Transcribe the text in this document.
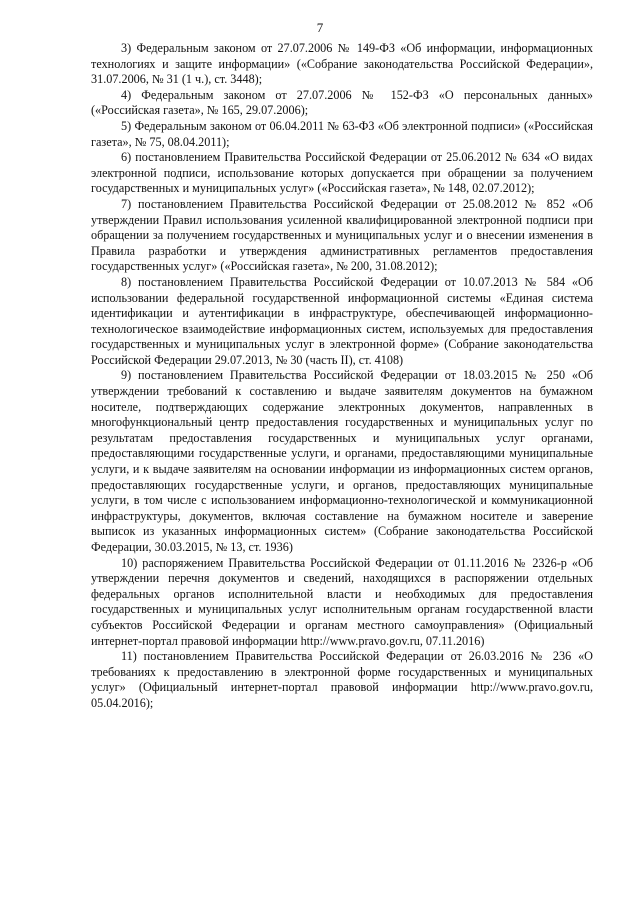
7

3) Федеральным законом от 27.07.2006 № 149-ФЗ «Об информации, информационных технологиях и защите информации» («Собрание законодательства Российской Федерации», 31.07.2006, № 31 (1 ч.), ст. 3448);

4) Федеральным законом от 27.07.2006 № 152-ФЗ «О персональных данных» («Российская газета», № 165, 29.07.2006);

5) Федеральным законом от 06.04.2011 № 63-ФЗ «Об электронной подписи» («Российская газета», № 75, 08.04.2011);

6) постановлением Правительства Российской Федерации от 25.06.2012 № 634 «О видах электронной подписи, использование которых допускается при обращении за получением государственных и муниципальных услуг» («Российская газета», № 148, 02.07.2012);

7) постановлением Правительства Российской Федерации от 25.08.2012 № 852 «Об утверждении Правил использования усиленной квалифицированной электронной подписи при обращении за получением государственных и муниципальных услуг и о внесении изменения в Правила разработки и утверждения административных регламентов предоставления государственных услуг» («Российская газета», № 200, 31.08.2012);

8) постановлением Правительства Российской Федерации от 10.07.2013 № 584 «Об использовании федеральной государственной информационной системы «Единая система идентификации и аутентификации в инфраструктуре, обеспечивающей информационно-технологическое взаимодействие информационных систем, используемых для предоставления государственных и муниципальных услуг в электронной форме» (Собрание законодательства Российской Федерации 29.07.2013, № 30 (часть II), ст. 4108)

9) постановлением Правительства Российской Федерации от 18.03.2015 № 250 «Об утверждении требований к составлению и выдаче заявителям документов на бумажном носителе, подтверждающих содержание электронных документов, направленных в многофункциональный центр предоставления государственных и муниципальных услуг по результатам предоставления государственных и муниципальных услуг органами, предоставляющими государственные услуги, и органами, предоставляющими муниципальные услуги, и к выдаче заявителям на основании информации из информационных систем органов, предоставляющих государственные услуги, и органов, предоставляющих муниципальные услуги, в том числе с использованием информационно-технологической и коммуникационной инфраструктуры, документов, включая составление на бумажном носителе и заверение выписок из указанных информационных систем» (Собрание законодательства Российской Федерации, 30.03.2015, № 13, ст. 1936)

10) распоряжением Правительства Российской Федерации от 01.11.2016 № 2326-р «Об утверждении перечня документов и сведений, находящихся в распоряжении отдельных федеральных органов исполнительной власти и необходимых для предоставления государственных и муниципальных услуг исполнительным органам государственной власти субъектов Российской Федерации и органам местного самоуправления» (Официальный интернет-портал правовой информации http://www.pravo.gov.ru, 07.11.2016)

11) постановлением Правительства Российской Федерации от 26.03.2016 № 236 «О требованиях к предоставлению в электронной форме государственных и муниципальных услуг» (Официальный интернет-портал правовой информации http://www.pravo.gov.ru, 05.04.2016);
